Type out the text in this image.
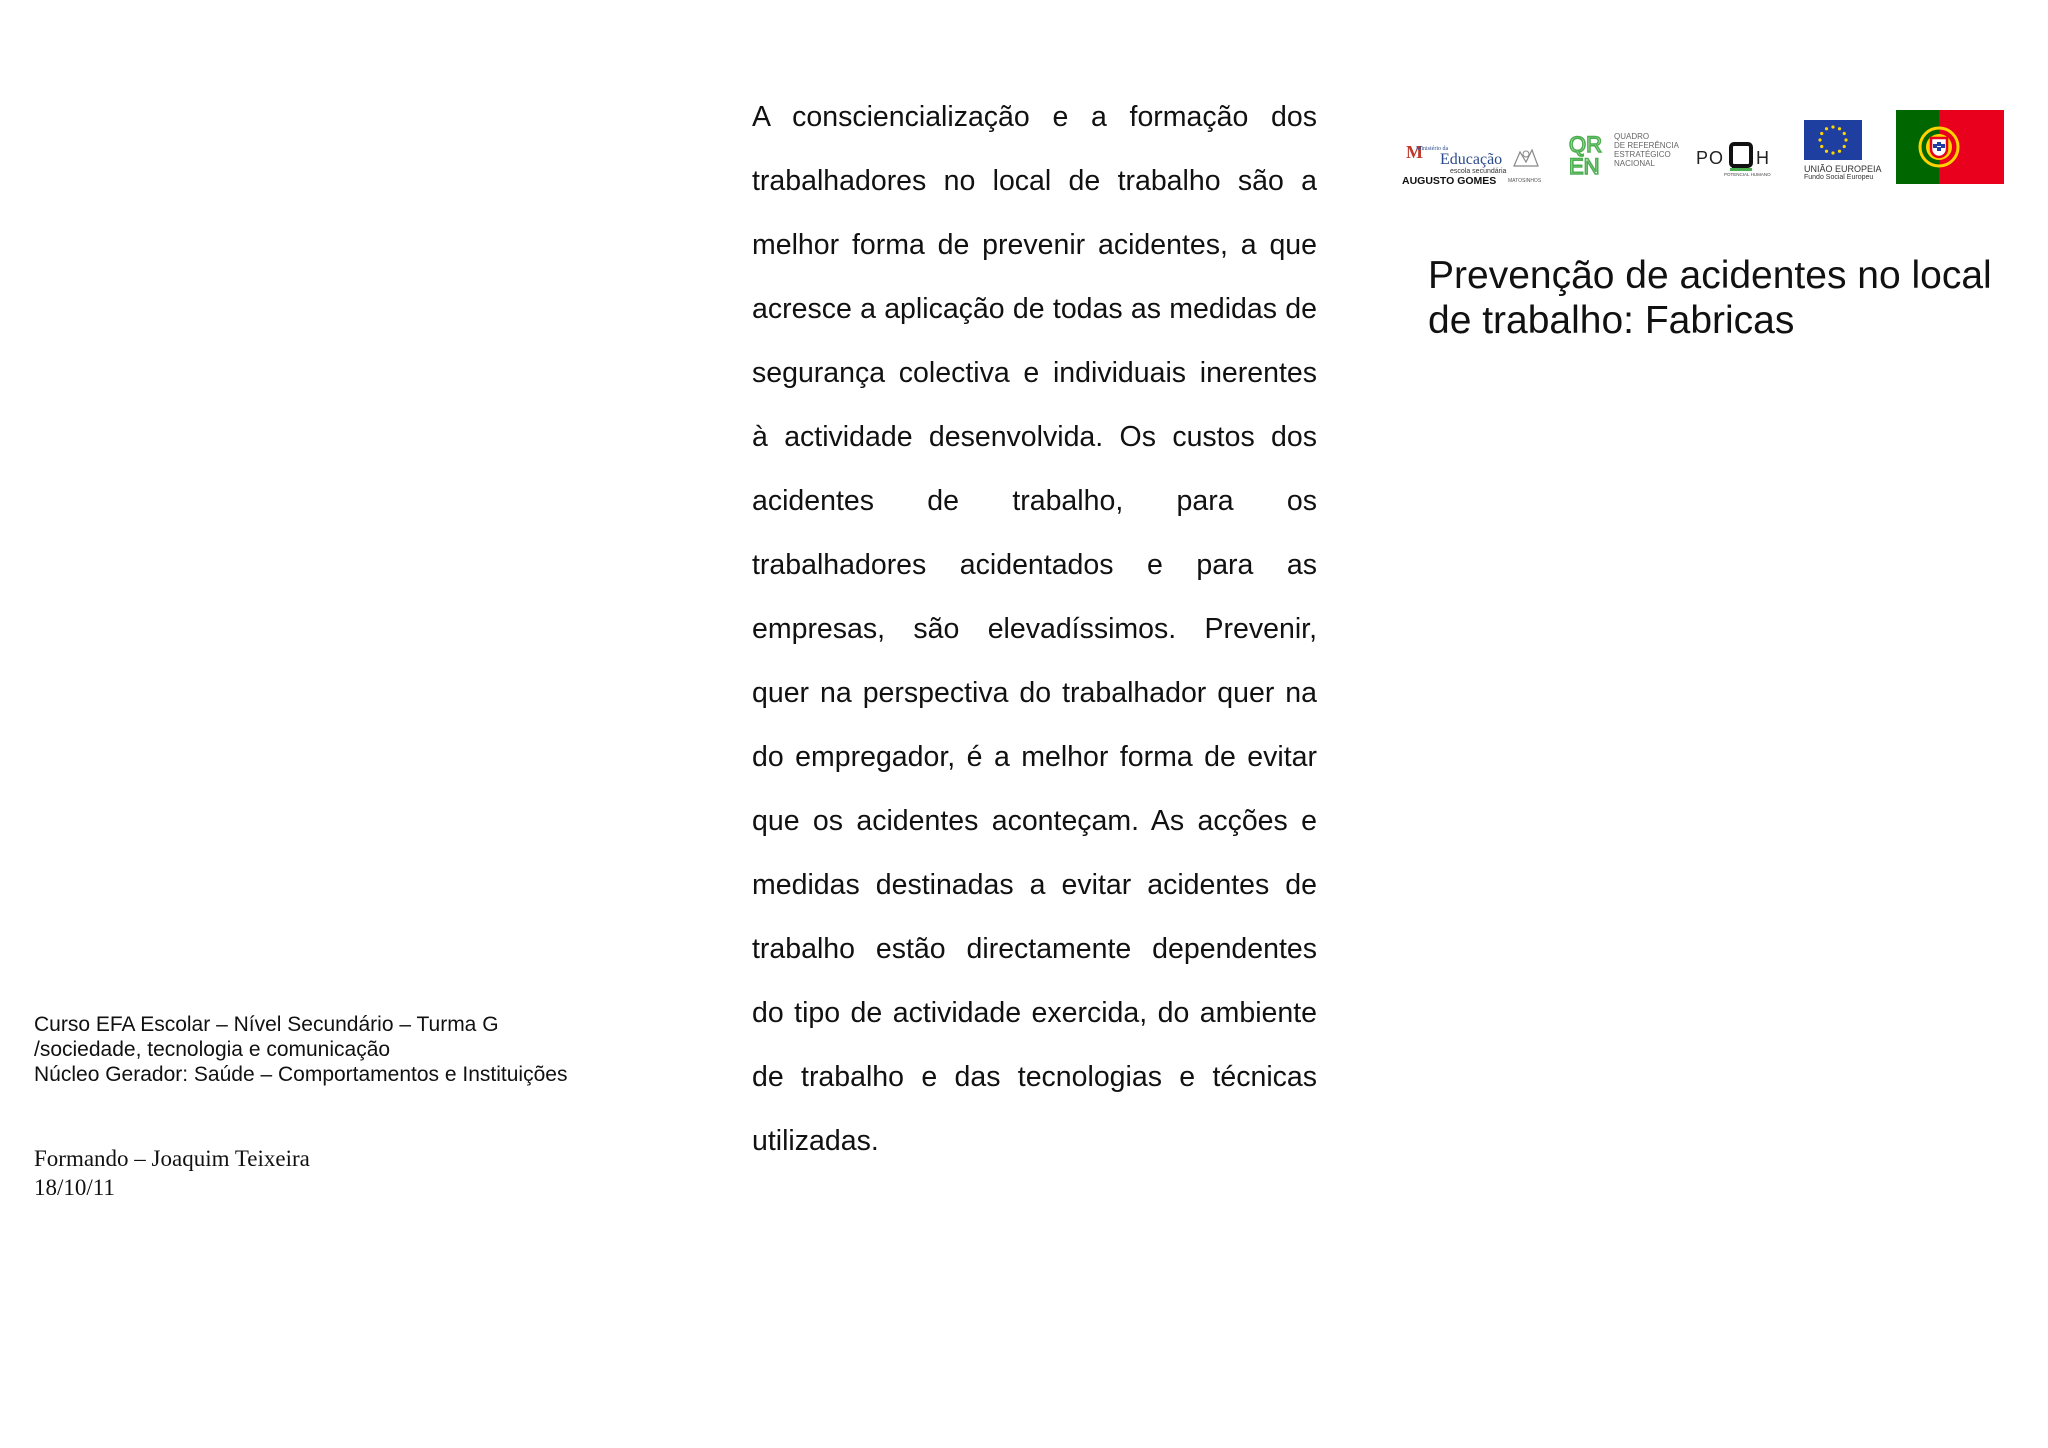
Curso EFA Escolar – Nível Secundário – Turma G
/sociedade, tecnologia e comunicação
Núcleo Gerador: Saúde – Comportamentos e Instituições
Formando – Joaquim Teixeira
18/10/11

A consciencialização e a formação dos trabalhadores no local de trabalho são a melhor forma de prevenir acidentes, a que acresce a aplicação de todas as medidas de segurança colectiva e individuais inerentes à actividade desenvolvida. Os custos dos acidentes de trabalho, para os trabalhadores acidentados e para as empresas, são elevadíssimos. Prevenir, quer na perspectiva do trabalhador quer na do empregador, é a melhor forma de evitar que os acidentes aconteçam. As acções e medidas destinadas a evitar acidentes de trabalho estão directamente dependentes do tipo de actividade exercida, do ambiente de trabalho e das tecnologias e técnicas utilizadas.

M
Ministério da
Educação
escola secundária
AUGUSTO GOMES MATOSINHOS
QR
EN
QUADRO
DE REFERÊNCIA
ESTRATÉGICO
NACIONAL PO H
POTENCIAL HUMANO
UNIÃO EUROPEIA
Fundo Social Europeu
Prevenção de acidentes no local de trabalho: Fabricas
